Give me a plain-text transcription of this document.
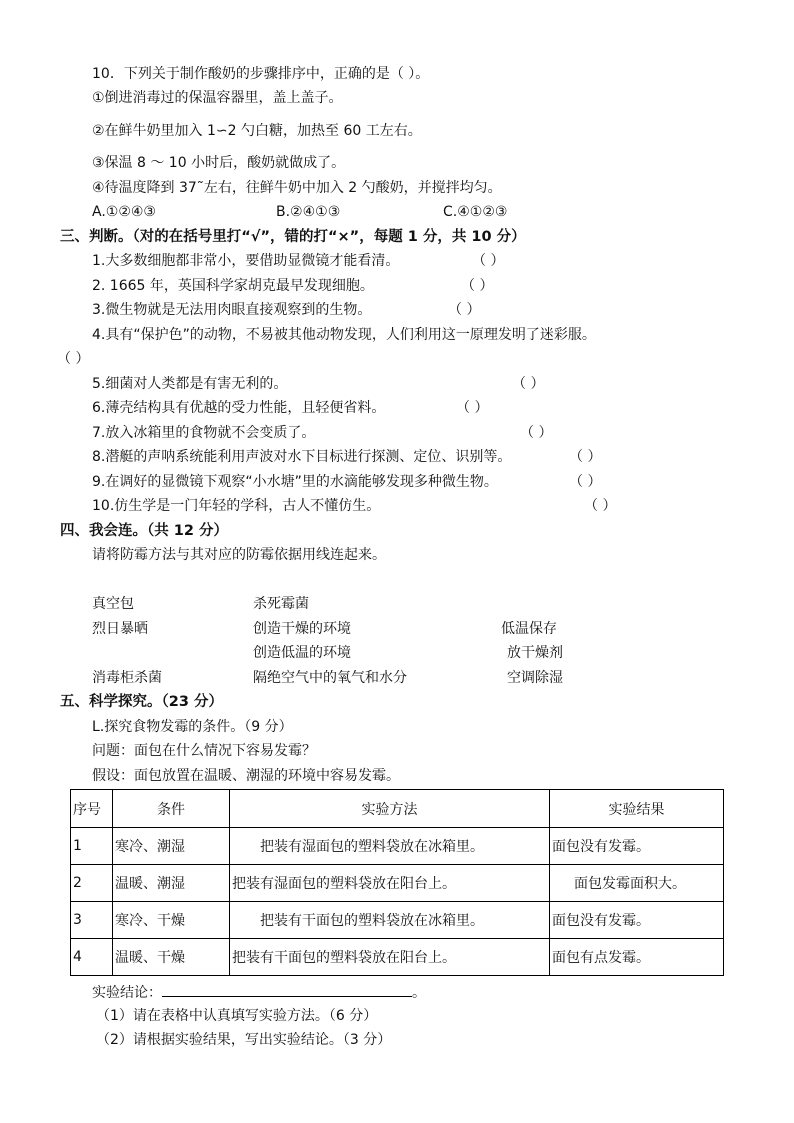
10．下列关于制作酸奶的步骤排序中，正确的是（ ）。
①倒进消毒过的保温容器里，盖上盖子。
②在鲜牛奶里加入 1∽2 勺白糖，加热至 60 工左右。
③保温 8 ～ 10 小时后，酸奶就做成了。
④待温度降到 37˜左右，往鲜牛奶中加入 2 勺酸奶，并搅拌均匀。
A.①②④③	B.②④①③	C.④①②③
三、判断。（对的在括号里打“√”，错的打“×”，每题 1 分，共 10 分）
1.大多数细胞都非常小，要借助显微镜才能看清。	（ ）
2. 1665 年，英国科学家胡克最早发现细胞。	（ ）
3.微生物就是无法用肉眼直接观察到的生物。	（ ）
4.具有“保护色”的动物，不易被其他动物发现，人们利用这一原理发明了迷彩服。
（ ）
5.细菌对人类都是有害无利的。	（ ）
6.薄壳结构具有优越的受力性能，且轻便省料。	（ ）
7.放入冰箱里的食物就不会变质了。	（ ）
8.潜艇的声呐系统能利用声波对水下目标进行探测、定位、识别等。	（ ）
9.在调好的显微镜下观察“小水塘”里的水滴能够发现多种微生物。	（ ）
10.仿生学是一门年轻的学科，古人不懂仿生。	（ ）
四、我会连。（共 12 分）
请将防霉方法与其对应的防霉依据用线连起来。
真空包
烈日暴晒
消毒柜杀菌
杀死霉菌
创造干燥的环境
创造低温的环境
隔绝空气中的氧气和水分
低温保存
放干燥剂
空调除湿
五、科学探究。（23 分）
L.探究食物发霉的条件。（9 分）
问题：面包在什么情况下容易发霉？
假设：面包放置在温暖、潮湿的环境中容易发霉。
序号	条件	实验方法	实验结果
1	寒冷、潮湿	把装有湿面包的塑料袋放在冰箱里。	面包没有发霉。
2	温暖、潮湿	把装有湿面包的塑料袋放在阳台上。	面包发霉面积大。
3	寒冷、干燥	把装有干面包的塑料袋放在冰箱里。	面包没有发霉。
4	温暖、干燥	把装有干面包的塑料袋放在阳台上。	面包有点发霉。
实验结论：	。
（1）请在表格中认真填写实验方法。（6 分）
（2）请根据实验结果，写出实验结论。（3 分）
